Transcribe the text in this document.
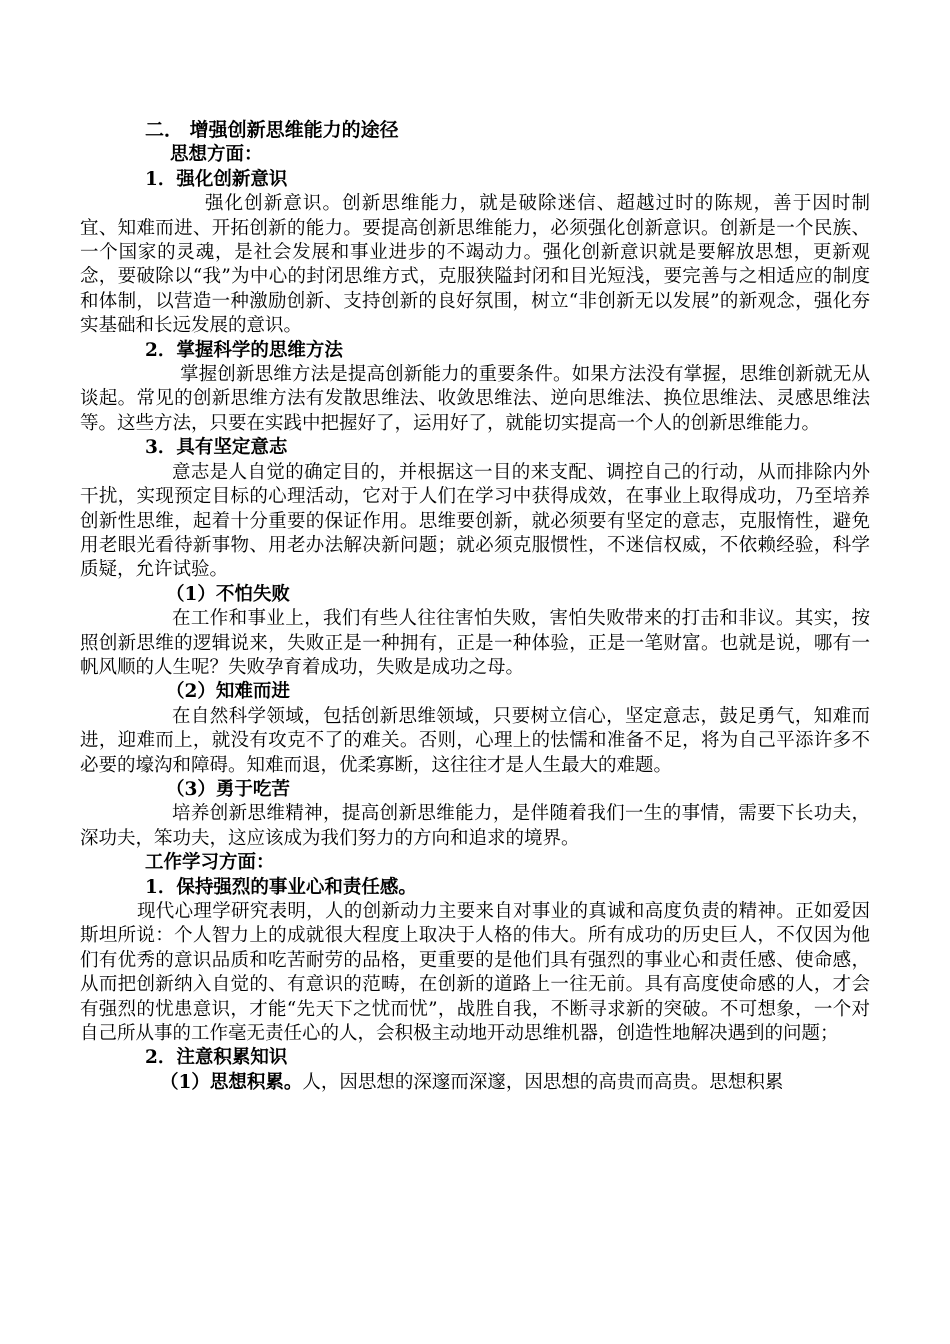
二． 增强创新思维能力的途径
思想方面：
1．强化创新意识
强化创新意识。创新思维能力，就是破除迷信、超越过时的陈规，善于因时制宜、知难而进、开拓创新的能力。要提高创新思维能力，必须强化创新意识。创新是一个民族、一个国家的灵魂，是社会发展和事业进步的不竭动力。强化创新意识就是要解放思想，更新观念，要破除以“我”为中心的封闭思维方式，克服狭隘封闭和目光短浅，要完善与之相适应的制度和体制，以营造一种激励创新、支持创新的良好氛围，树立“非创新无以发展”的新观念，强化夯实基础和长远发展的意识。
2．掌握科学的思维方法
掌握创新思维方法是提高创新能力的重要条件。如果方法没有掌握，思维创新就无从谈起。常见的创新思维方法有发散思维法、收敛思维法、逆向思维法、换位思维法、灵感思维法等。这些方法，只要在实践中把握好了，运用好了，就能切实提高一个人的创新思维能力。
3．具有坚定意志
意志是人自觉的确定目的，并根据这一目的来支配、调控自己的行动，从而排除内外干扰，实现预定目标的心理活动，它对于人们在学习中获得成效，在事业上取得成功，乃至培养创新性思维，起着十分重要的保证作用。思维要创新，就必须要有坚定的意志，克服惰性，避免用老眼光看待新事物、用老办法解决新问题；就必须克服惯性，不迷信权威，不依赖经验，科学质疑，允许试验。
（1）不怕失败
在工作和事业上，我们有些人往往害怕失败，害怕失败带来的打击和非议。其实，按照创新思维的逻辑说来，失败正是一种拥有，正是一种体验，正是一笔财富。也就是说，哪有一帆风顺的人生呢？失败孕育着成功，失败是成功之母。
（2）知难而进
在自然科学领域，包括创新思维领域，只要树立信心，坚定意志，鼓足勇气，知难而进，迎难而上，就没有攻克不了的难关。否则，心理上的怯懦和准备不足，将为自己平添许多不必要的壕沟和障碍。知难而退，优柔寡断，这往往才是人生最大的难题。
（3）勇于吃苦
培养创新思维精神，提高创新思维能力，是伴随着我们一生的事情，需要下长功夫，深功夫，笨功夫，这应该成为我们努力的方向和追求的境界。
工作学习方面：
1．保持强烈的事业心和责任感。
现代心理学研究表明，人的创新动力主要来自对事业的真诚和高度负责的精神。正如爱因斯坦所说：个人智力上的成就很大程度上取决于人格的伟大。所有成功的历史巨人，不仅因为他们有优秀的意识品质和吃苦耐劳的品格，更重要的是他们具有强烈的事业心和责任感、使命感，从而把创新纳入自觉的、有意识的范畴，在创新的道路上一往无前。具有高度使命感的人，才会有强烈的忧患意识，才能“先天下之忧而忧”，战胜自我，不断寻求新的突破。不可想象，一个对自己所从事的工作毫无责任心的人，会积极主动地开动思维机器，创造性地解决遇到的问题；
2．注意积累知识
（1）思想积累。人，因思想的深邃而深邃，因思想的高贵而高贵。思想积累
